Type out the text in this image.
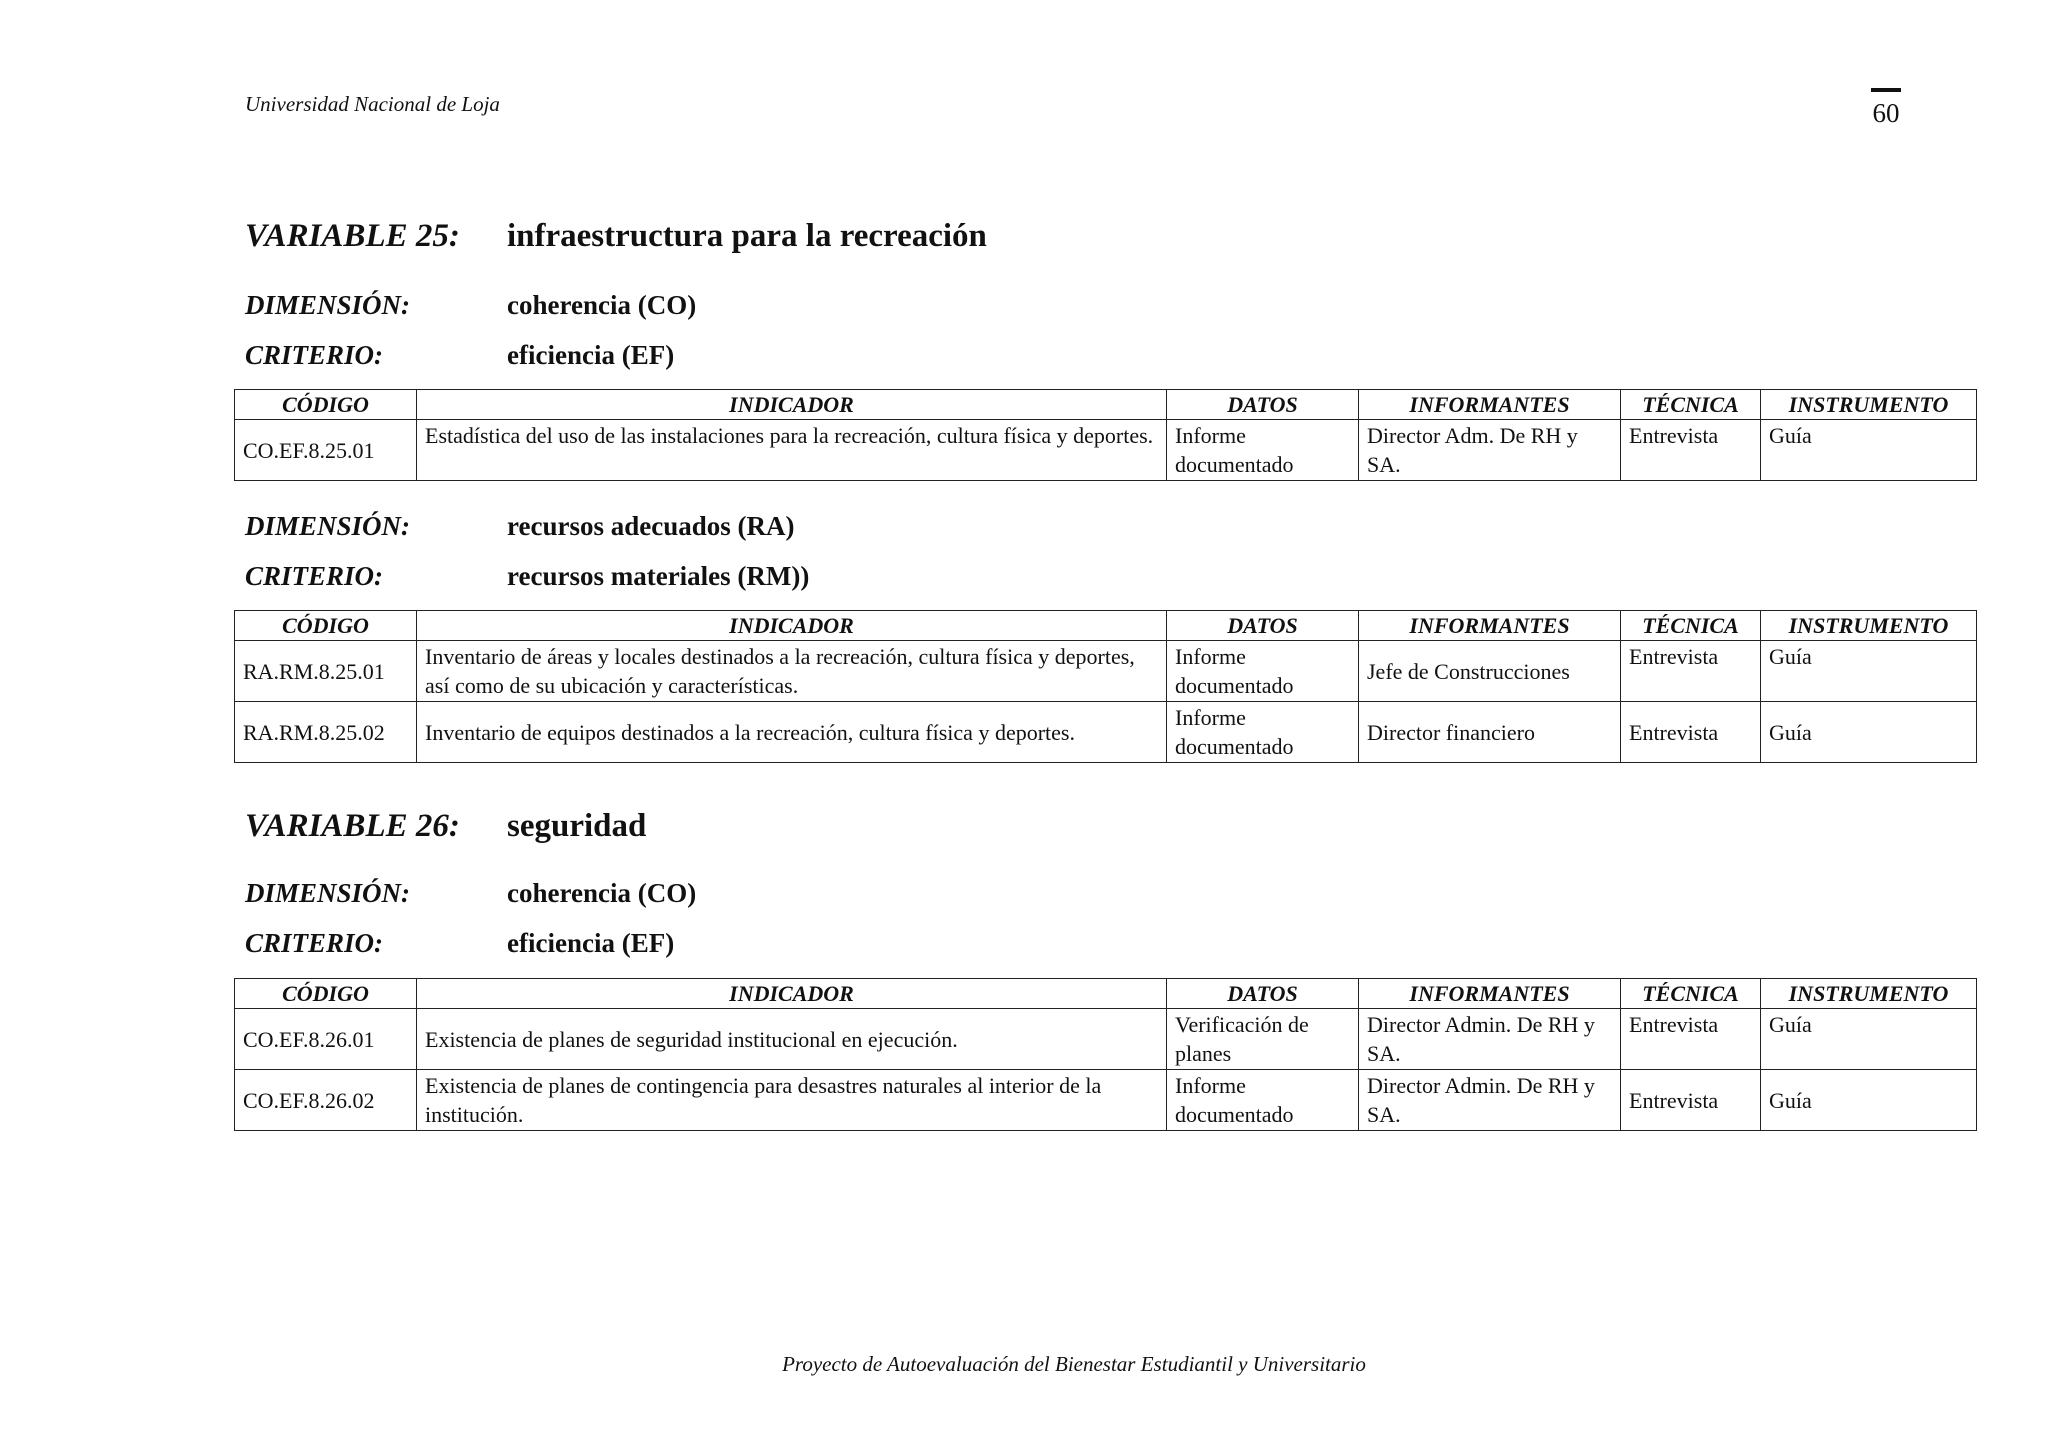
Universidad Nacional de Loja	60
VARIABLE 25:	infraestructura para la recreación
DIMENSIÓN:	coherencia (CO)
CRITERIO:	eficiencia (EF)
CÓDIGO	INDICADOR	DATOS	INFORMANTES	TÉCNICA	INSTRUMENTO
CO.EF.8.25.01	Estadística del uso de las instalaciones para la recreación, cultura física y deportes.	Informe documentado	Director Adm. De RH y SA.	Entrevista	Guía
DIMENSIÓN:	recursos adecuados (RA)
CRITERIO:	recursos materiales (RM))
CÓDIGO	INDICADOR	DATOS	INFORMANTES	TÉCNICA	INSTRUMENTO
RA.RM.8.25.01	Inventario de áreas y locales destinados a la recreación, cultura física y deportes, así como de su ubicación y características.	Informe documentado	Jefe de Construcciones	Entrevista	Guía
RA.RM.8.25.02	Inventario de equipos destinados a la recreación, cultura física y deportes.	Informe documentado	Director financiero	Entrevista	Guía
VARIABLE 26:	seguridad
DIMENSIÓN:	coherencia (CO)
CRITERIO:	eficiencia (EF)
CÓDIGO	INDICADOR	DATOS	INFORMANTES	TÉCNICA	INSTRUMENTO
CO.EF.8.26.01	Existencia de planes de seguridad institucional en ejecución.	Verificación de planes	Director Admin. De RH y SA.	Entrevista	Guía
CO.EF.8.26.02	Existencia de planes de contingencia para desastres naturales al interior de la institución.	Informe documentado	Director Admin. De RH y SA.	Entrevista	Guía
Proyecto de Autoevaluación del Bienestar Estudiantil y Universitario
